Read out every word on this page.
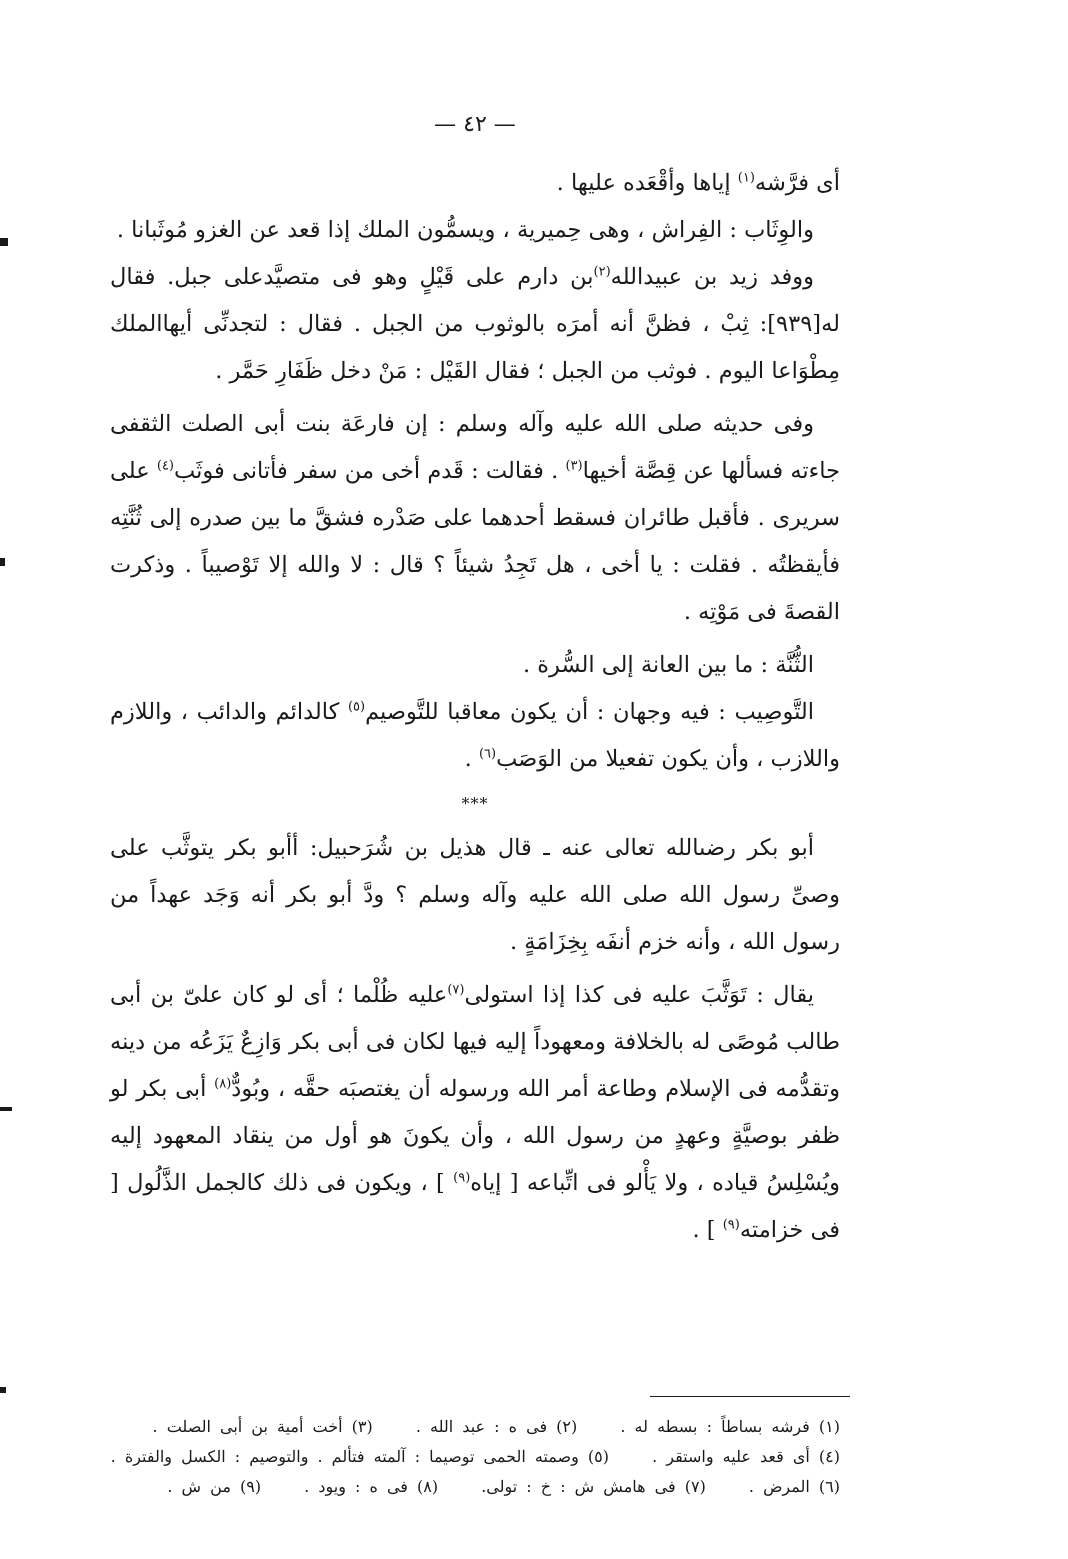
— ٤٢ —

أى فرَّشه$^{(١)}$ إياها وأقْعَده عليها .

والوِثَاب : الفِراش ، وهى حِميرية ، ويسمُّون الملك إذا قعد عن الغزو مُوثَبانا .

ووفد زيد بن عبيدالله$^{(٢)}$بن دارم على قَيْلٍ وهو فى متصيَّدعلى جبل. فقال له[٩٣٩]: ثِبْ ، فظنَّ أنه أمرَه بالوثوب من الجبل . فقال : لتجدنِّى أيهاالملك مِطْوَاعا اليوم . فوثب من الجبل ؛ فقال القَيْل : مَنْ دخل ظَفَارِ حَمَّر .

وفى حديثه صلى الله عليه وآله وسلم : إن فارعَة بنت أبى الصلت الثقفى جاءته فسألها عن قِصَّة أخيها$^{(٣)}$ . فقالت : قَدم أخى من سفر فأتانى فوثَب$^{(٤)}$ على سريرى . فأقبل طائران فسقط أحدهما على صَدْره فشقَّ ما بين صدره إلى ثُنَّتِه فأيقظتُه . فقلت : يا أخى ، هل تَجِدُ شيئاً ؟ قال : لا والله إلا تَوْصيباً . وذكرت القصةَ فى مَوْتِه .

الثُّنَّة : ما بين العانة إلى السُّرة .

التَّوصِيب : فيه وجهان : أن يكون معاقبا للتَّوصيم$^{(٥)}$ كالدائم والدائب ، واللازم واللازب ، وأن يكون تفعيلا من الوَصَب$^{(٦)}$ .

***

أبو بكر رضىالله تعالى عنه ـ قال هذيل بن شُرَحبيل: أأبو بكر يتوثَّب على وصىِّ رسول الله صلى الله عليه وآله وسلم ؟ ودَّ أبو بكر أنه وَجَد عهداً من رسول الله ، وأنه خزم أنفَه بِخِزَامَةٍ .

يقال : تَوَثَّبَ عليه فى كذا إذا استولى$^{(٧)}$عليه ظُلْما ؛ أى لو كان علىّ بن أبى طالب مُوصًى له بالخلافة ومعهوداً إليه فيها لكان فى أبى بكر وَازِعٌ يَزَعُه من دينه وتقدُّمه فى الإسلام وطاعة أمر الله ورسوله أن يغتصبَه حقَّه ، وبُودٌّ$^{(٨)}$ أبى بكر لو ظفر بوصيَّةٍ وعهدٍ من رسول الله ، وأن يكونَ هو أول من ينقاد المعهود إليه ويُسْلِسُ قياده ، ولا يَأْلو فى اتِّباعه [ إياه$^{(٩)}$ ] ، ويكون فى ذلك كالجمل الذَّلُول [ فى خزامته$^{(٩)}$ ] .

(١) فرشه بساطاً : بسطه له . (٢) فى ه : عبد الله . (٣) أخت أمية بن أبى الصلت .
(٤) أى قعد عليه واستقر . (٥) وصمته الحمى توصيما : آلمته فتألم . والتوصيم : الكسل والفترة .
(٦) المرض . (٧) فى هامش ش : خ : تولى. (٨) فى ه : ويود . (٩) من ش .
